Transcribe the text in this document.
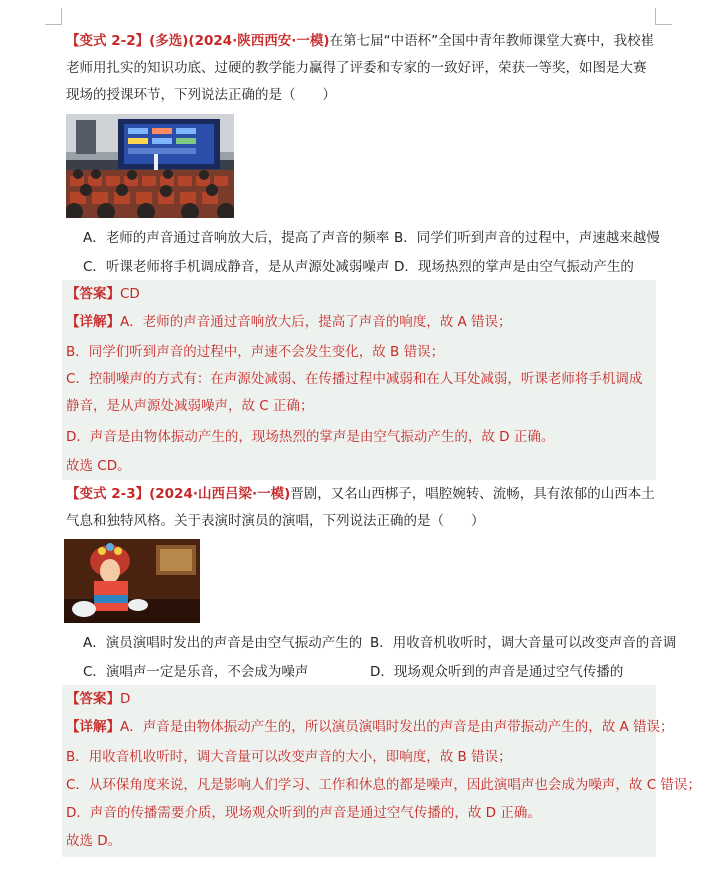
【变式 2-2】(多选)(2024·陕西西安·一模)在第七届“中语杯”全国中青年教师课堂大赛中，我校崔老师用扎实的知识功底、过硬的教学能力赢得了评委和专家的一致好评，荣获一等奖，如图是大赛现场的授课环节，下列说法正确的是（　　）
A．老师的声音通过音响放大后，提高了声音的频率 B．同学们听到声音的过程中，声速越来越慢
C．听课老师将手机调成静音，是从声源处减弱噪声 D．现场热烈的掌声是由空气振动产生的
【答案】CD
【详解】A．老师的声音通过音响放大后，提高了声音的响度，故 A 错误；
B．同学们听到声音的过程中，声速不会发生变化，故 B 错误；
C．控制噪声的方式有：在声源处减弱、在传播过程中减弱和在人耳处减弱，听课老师将手机调成静音，是从声源处减弱噪声，故 C 正确；
D．声音是由物体振动产生的，现场热烈的掌声是由空气振动产生的，故 D 正确。
故选 CD。
【变式 2-3】(2024·山西吕梁·一模)晋剧，又名山西梆子，唱腔婉转、流畅，具有浓郁的山西本土气息和独特风格。关于表演时演员的演唱，下列说法正确的是（　　）
A．演员演唱时发出的声音是由空气振动产生的 B．用收音机收听时，调大音量可以改变声音的音调
C．演唱声一定是乐音，不会成为噪声	D．现场观众听到的声音是通过空气传播的
【答案】D
【详解】A．声音是由物体振动产生的，所以演员演唱时发出的声音是由声带振动产生的，故 A 错误；
B．用收音机收听时，调大音量可以改变声音的大小，即响度，故 B 错误；
C．从环保角度来说，凡是影响人们学习、工作和休息的都是噪声，因此演唱声也会成为噪声，故 C 错误；
D．声音的传播需要介质，现场观众听到的声音是通过空气传播的，故 D 正确。
故选 D。
